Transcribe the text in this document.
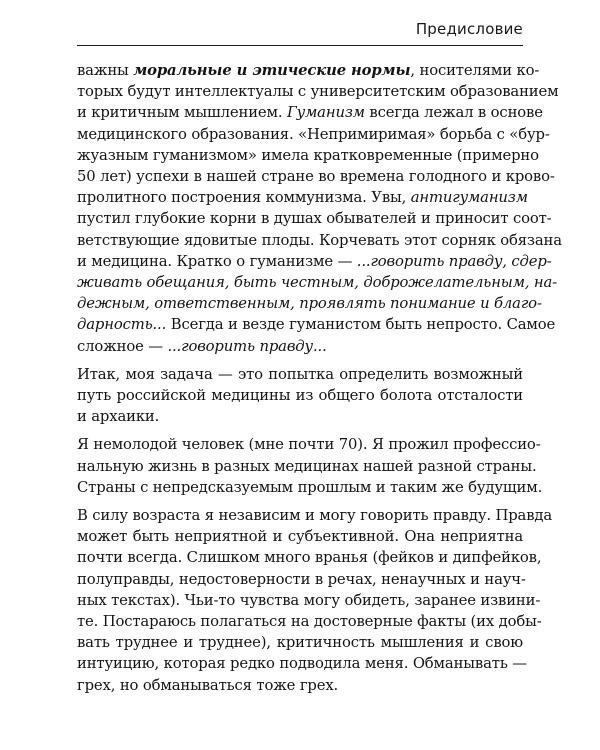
Предисловие

важны моральные и этические нормы, носителями ко-
торых будут интеллектуалы с университетским образованием
и критичным мышлением. Гуманизм всегда лежал в основе
медицинского образования. «Непримиримая» борьба с «бур-
жуазным гуманизмом» имела кратковременные (примерно
50 лет) успехи в нашей стране во времена голодного и крово-
пролитного построения коммунизма. Увы, антигуманизм
пустил глубокие корни в душах обывателей и приносит соот-
ветствующие ядовитые плоды. Корчевать этот сорняк обязана
и медицина. Кратко о гуманизме — ...говорить правду, сдер-
живать обещания, быть честным, доброжелательным, на-
дежным, ответственным, проявлять понимание и благо-
дарность... Всегда и везде гуманистом быть непросто. Самое
сложное — ...говорить правду...

Итак, моя задача — это попытка определить возможный
путь российской медицины из общего болота отсталости
и архаики.

Я немолодой человек (мне почти 70). Я прожил профессио-
нальную жизнь в разных медицинах нашей разной страны.
Страны с непредсказуемым прошлым и таким же будущим.

В силу возраста я независим и могу говорить правду. Правда
может быть неприятной и субъективной. Она неприятна
почти всегда. Слишком много вранья (фейков и дипфейков,
полуправды, недостоверности в речах, ненаучных и науч-
ных текстах). Чьи-то чувства могу обидеть, заранее извини-
те. Постараюсь полагаться на достоверные факты (их добы-
вать труднее и труднее), критичность мышления и свою
интуицию, которая редко подводила меня. Обманывать —
грех, но обманываться тоже грех.
